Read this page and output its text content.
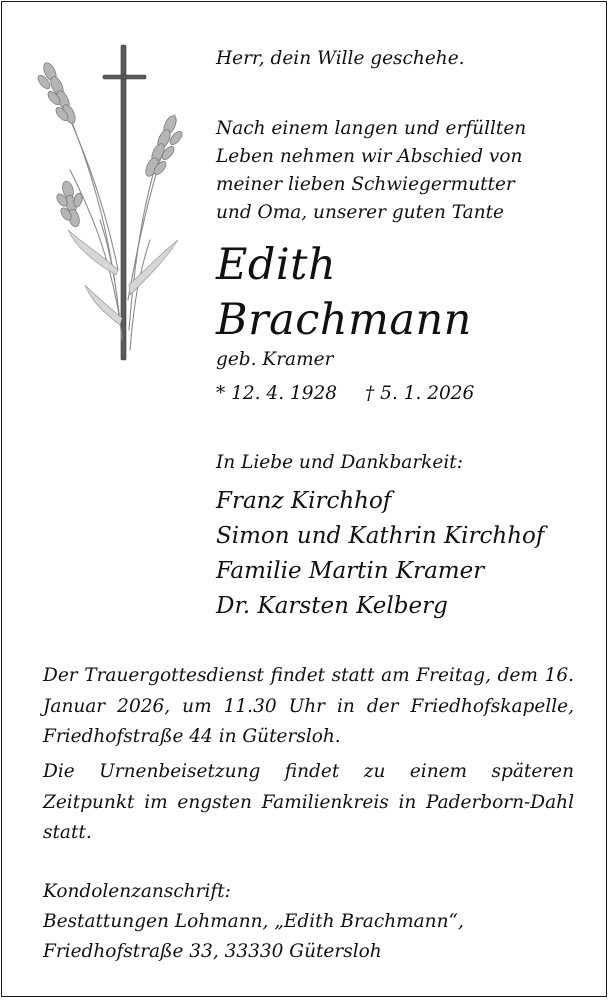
Herr, dein Wille geschehe.
Nach einem langen und erfüllten
Leben nehmen wir Abschied von
meiner lieben Schwiegermutter
und Oma, unserer guten Tante
Edith
Brachmann
geb. Kramer
* 12. 4. 1928 † 5. 1. 2026
In Liebe und Dankbarkeit:
Franz Kirchhof
Simon und Kathrin Kirchhof
Familie Martin Kramer
Dr. Karsten Kelberg
Der Trauergottesdienst findet statt am Freitag, dem 16. Januar 2026, um 11.30 Uhr in der Friedhofskapelle, Friedhofstraße 44 in Gütersloh.
Die Urnenbeisetzung findet zu einem späteren Zeitpunkt im engsten Familienkreis in Paderborn-Dahl statt.
Kondolenzanschrift:
Bestattungen Lohmann, „Edith Brachmann“,
Friedhofstraße 33, 33330 Gütersloh
